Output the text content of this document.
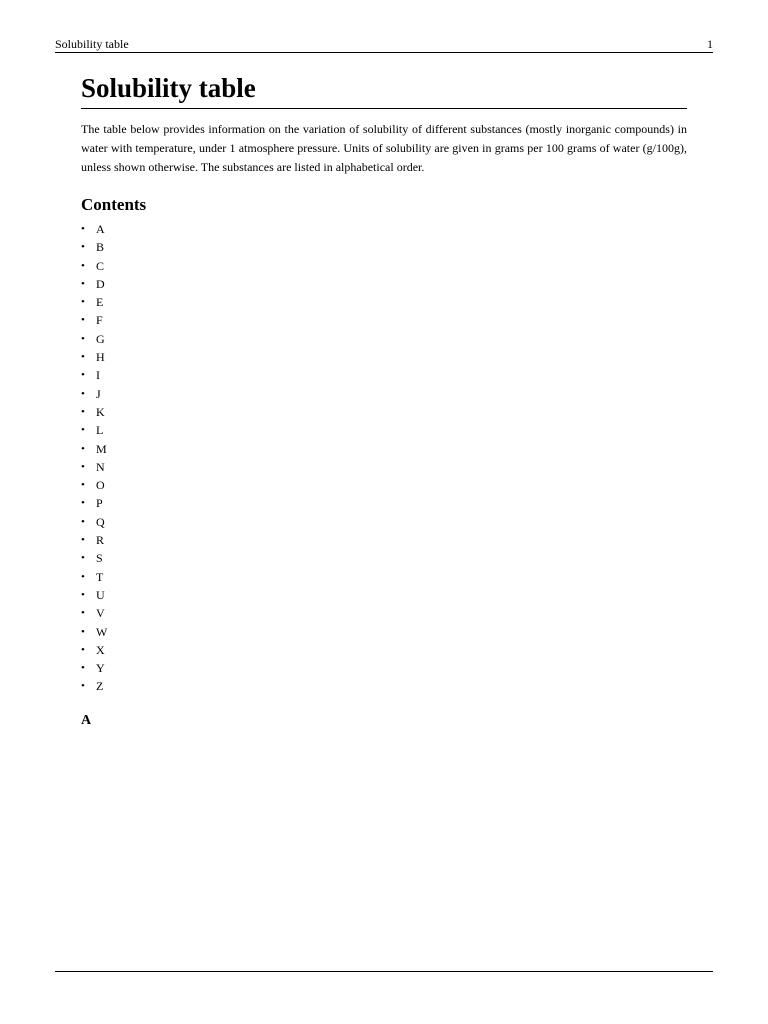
Solubility table	1
Solubility table

The table below provides information on the variation of solubility of different substances (mostly inorganic compounds) in water with temperature, under 1 atmosphere pressure. Units of solubility are given in grams per 100 grams of water (g/100g), unless shown otherwise. The substances are listed in alphabetical order.

Contents
• A
• B
• C
• D
• E
• F
• G
• H
• I
• J
• K
• L
• M
• N
• O
• P
• Q
• R
• S
• T
• U
• V
• W
• X
• Y
• Z
A
